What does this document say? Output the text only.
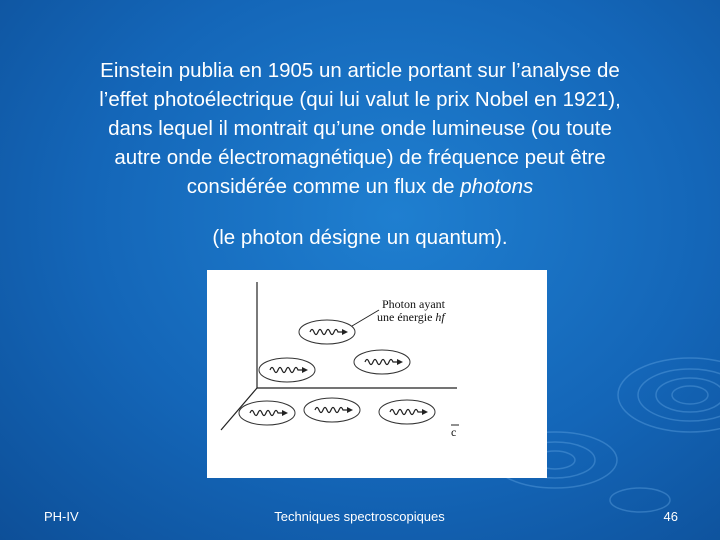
Einstein publia en 1905 un article portant sur l’analyse de

l’effet photoélectrique (qui lui valut le prix Nobel en 1921),

dans lequel il montrait qu’une onde lumineuse (ou toute

autre onde électromagnétique) de fréquence peut être

considérée comme un flux de photons

(le photon désigne un quantum).
Photon ayant
une énergie hf
c
PH-IV	Techniques spectroscopiques	46
